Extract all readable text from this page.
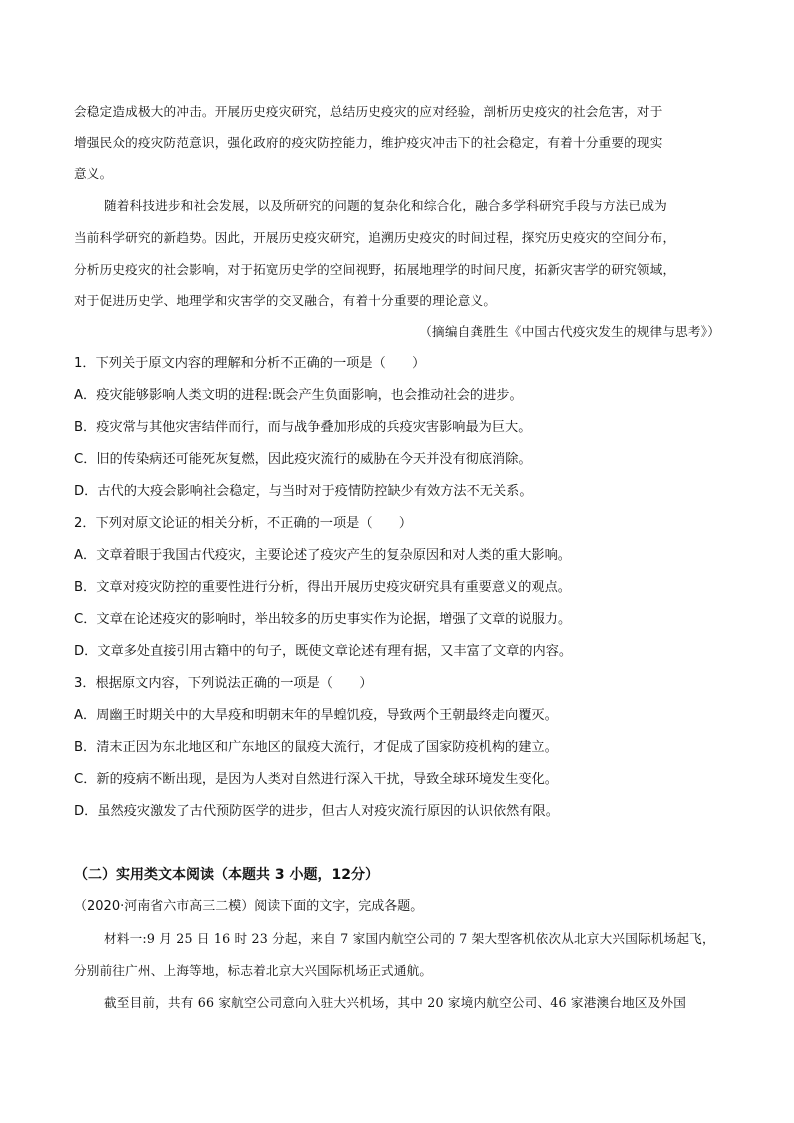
会稳定造成极大的冲击。开展历史疫灾研究，总结历史疫灾的应对经验，剖析历史疫灾的社会危害，对于
增强民众的疫灾防范意识，强化政府的疫灾防控能力，维护疫灾冲击下的社会稳定，有着十分重要的现实
意义。
随着科技进步和社会发展，以及所研究的问题的复杂化和综合化，融合多学科研究手段与方法已成为
当前科学研究的新趋势。因此，开展历史疫灾研究，追溯历史疫灾的时间过程，探究历史疫灾的空间分布，
分析历史疫灾的社会影响，对于拓宽历史学的空间视野，拓展地理学的时间尺度，拓新灾害学的研究领域，
对于促进历史学、地理学和灾害学的交叉融合，有着十分重要的理论意义。
（摘编自龚胜生《中国古代疫灾发生的规律与思考》）
1．下列关于原文内容的理解和分析不正确的一项是（　　）
A．疫灾能够影响人类文明的进程:既会产生负面影响，也会推动社会的进步。
B．疫灾常与其他灾害结伴而行，而与战争叠加形成的兵疫灾害影响最为巨大。
C．旧的传染病还可能死灰复燃，因此疫灾流行的威胁在今天并没有彻底消除。
D．古代的大疫会影响社会稳定，与当时对于疫情防控缺少有效方法不无关系。
2．下列对原文论证的相关分析，不正确的一项是（　　）
A．文章着眼于我国古代疫灾，主要论述了疫灾产生的复杂原因和对人类的重大影响。
B．文章对疫灾防控的重要性进行分析，得出开展历史疫灾研究具有重要意义的观点。
C．文章在论述疫灾的影响时，举出较多的历史事实作为论据，增强了文章的说服力。
D．文章多处直接引用古籍中的句子，既使文章论述有理有据，又丰富了文章的内容。
3．根据原文内容，下列说法正确的一项是（　　）
A．周幽王时期关中的大旱疫和明朝末年的旱蝗饥疫，导致两个王朝最终走向覆灭。
B．清末正因为东北地区和广东地区的鼠疫大流行，才促成了国家防疫机构的建立。
C．新的疫病不断出现，是因为人类对自然进行深入干扰，导致全球环境发生变化。
D．虽然疫灾激发了古代预防医学的进步，但古人对疫灾流行原因的认识依然有限。
（二）实用类文本阅读（本题共 3 小题，12分）
（2020·河南省六市高三二模）阅读下面的文字，完成各题。
材料一:9 月 25 日 16 时 23 分起，来自 7 家国内航空公司的 7 架大型客机依次从北京大兴国际机场起飞，
分别前往广州、上海等地，标志着北京大兴国际机场正式通航。
截至目前，共有 66 家航空公司意向入驻大兴机场，其中 20 家境内航空公司、46 家港澳台地区及外国
